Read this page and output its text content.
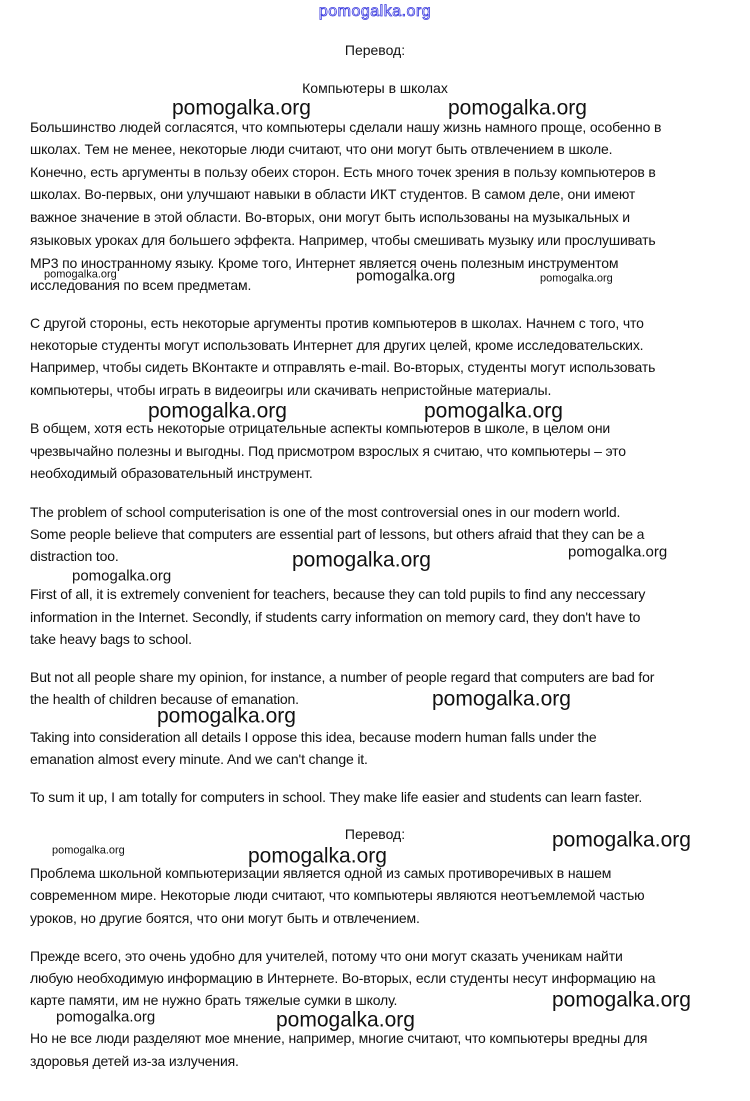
pomogalka.org
Перевод:
Компьютеры в школах
Перевод:
Большинство людей согласятся, что компьютеры сделали нашу жизнь намного проще, особенно в
школах. Тем не менее, некоторые люди считают, что они могут быть отвлечением в школе.
Конечно, есть аргументы в пользу обеих сторон. Есть много точек зрения в пользу компьютеров в
школах. Во-первых, они улучшают навыки в области ИКТ студентов. В самом деле, они имеют
важное значение в этой области. Во-вторых, они могут быть использованы на музыкальных и
языковых уроках для большего эффекта. Например, чтобы смешивать музыку или прослушивать
MP3 по иностранному языку. Кроме того, Интернет является очень полезным инструментом
исследования по всем предметам.
С другой стороны, есть некоторые аргументы против компьютеров в школах. Начнем с того, что
некоторые студенты могут использовать Интернет для других целей, кроме исследовательских.
Например, чтобы сидеть ВКонтакте и отправлять e-mail. Во-вторых, студенты могут использовать
компьютеры, чтобы играть в видеоигры или скачивать непристойные материалы.
В общем, хотя есть некоторые отрицательные аспекты компьютеров в школе, в целом они
чрезвычайно полезны и выгодны. Под присмотром взрослых я считаю, что компьютеры – это
необходимый образовательный инструмент.
The problem of school computerisation is one of the most controversial ones in our modern world.
Some people believe that computers are essential part of lessons, but others afraid that they can be a
distraction too.
First of all, it is extremely convenient for teachers, because they can told pupils to find any neccessary
information in the Internet. Secondly, if students carry information on memory card, they don't have to
take heavy bags to school.
But not all people share my opinion, for instance, a number of people regard that computers are bad for
the health of children because of emanation.
Taking into consideration all details I oppose this idea, because modern human falls under the
emanation almost every minute. And we can't change it.
To sum it up, I am totally for computers in school. They make life easier and students can learn faster.
Проблема школьной компьютеризации является одной из самых противоречивых в нашем
современном мире. Некоторые люди считают, что компьютеры являются неотъемлемой частью
уроков, но другие боятся, что они могут быть и отвлечением.
Прежде всего, это очень удобно для учителей, потому что они могут сказать ученикам найти
любую необходимую информацию в Интернете. Во-вторых, если студенты несут информацию на
карте памяти, им не нужно брать тяжелые сумки в школу.
Но не все люди разделяют мое мнение, например, многие считают, что компьютеры вредны для
здоровья детей из-за излучения.
pomogalka.org	pomogalka.org
pomogalka.org	pomogalka.org	pomogalka.org
pomogalka.org	pomogalka.org
pomogalka.org	pomogalka.org
pomogalka.org
pomogalka.org
pomogalka.org
pomogalka.org
pomogalka.org	pomogalka.org
pomogalka.org
pomogalka.org	pomogalka.org
